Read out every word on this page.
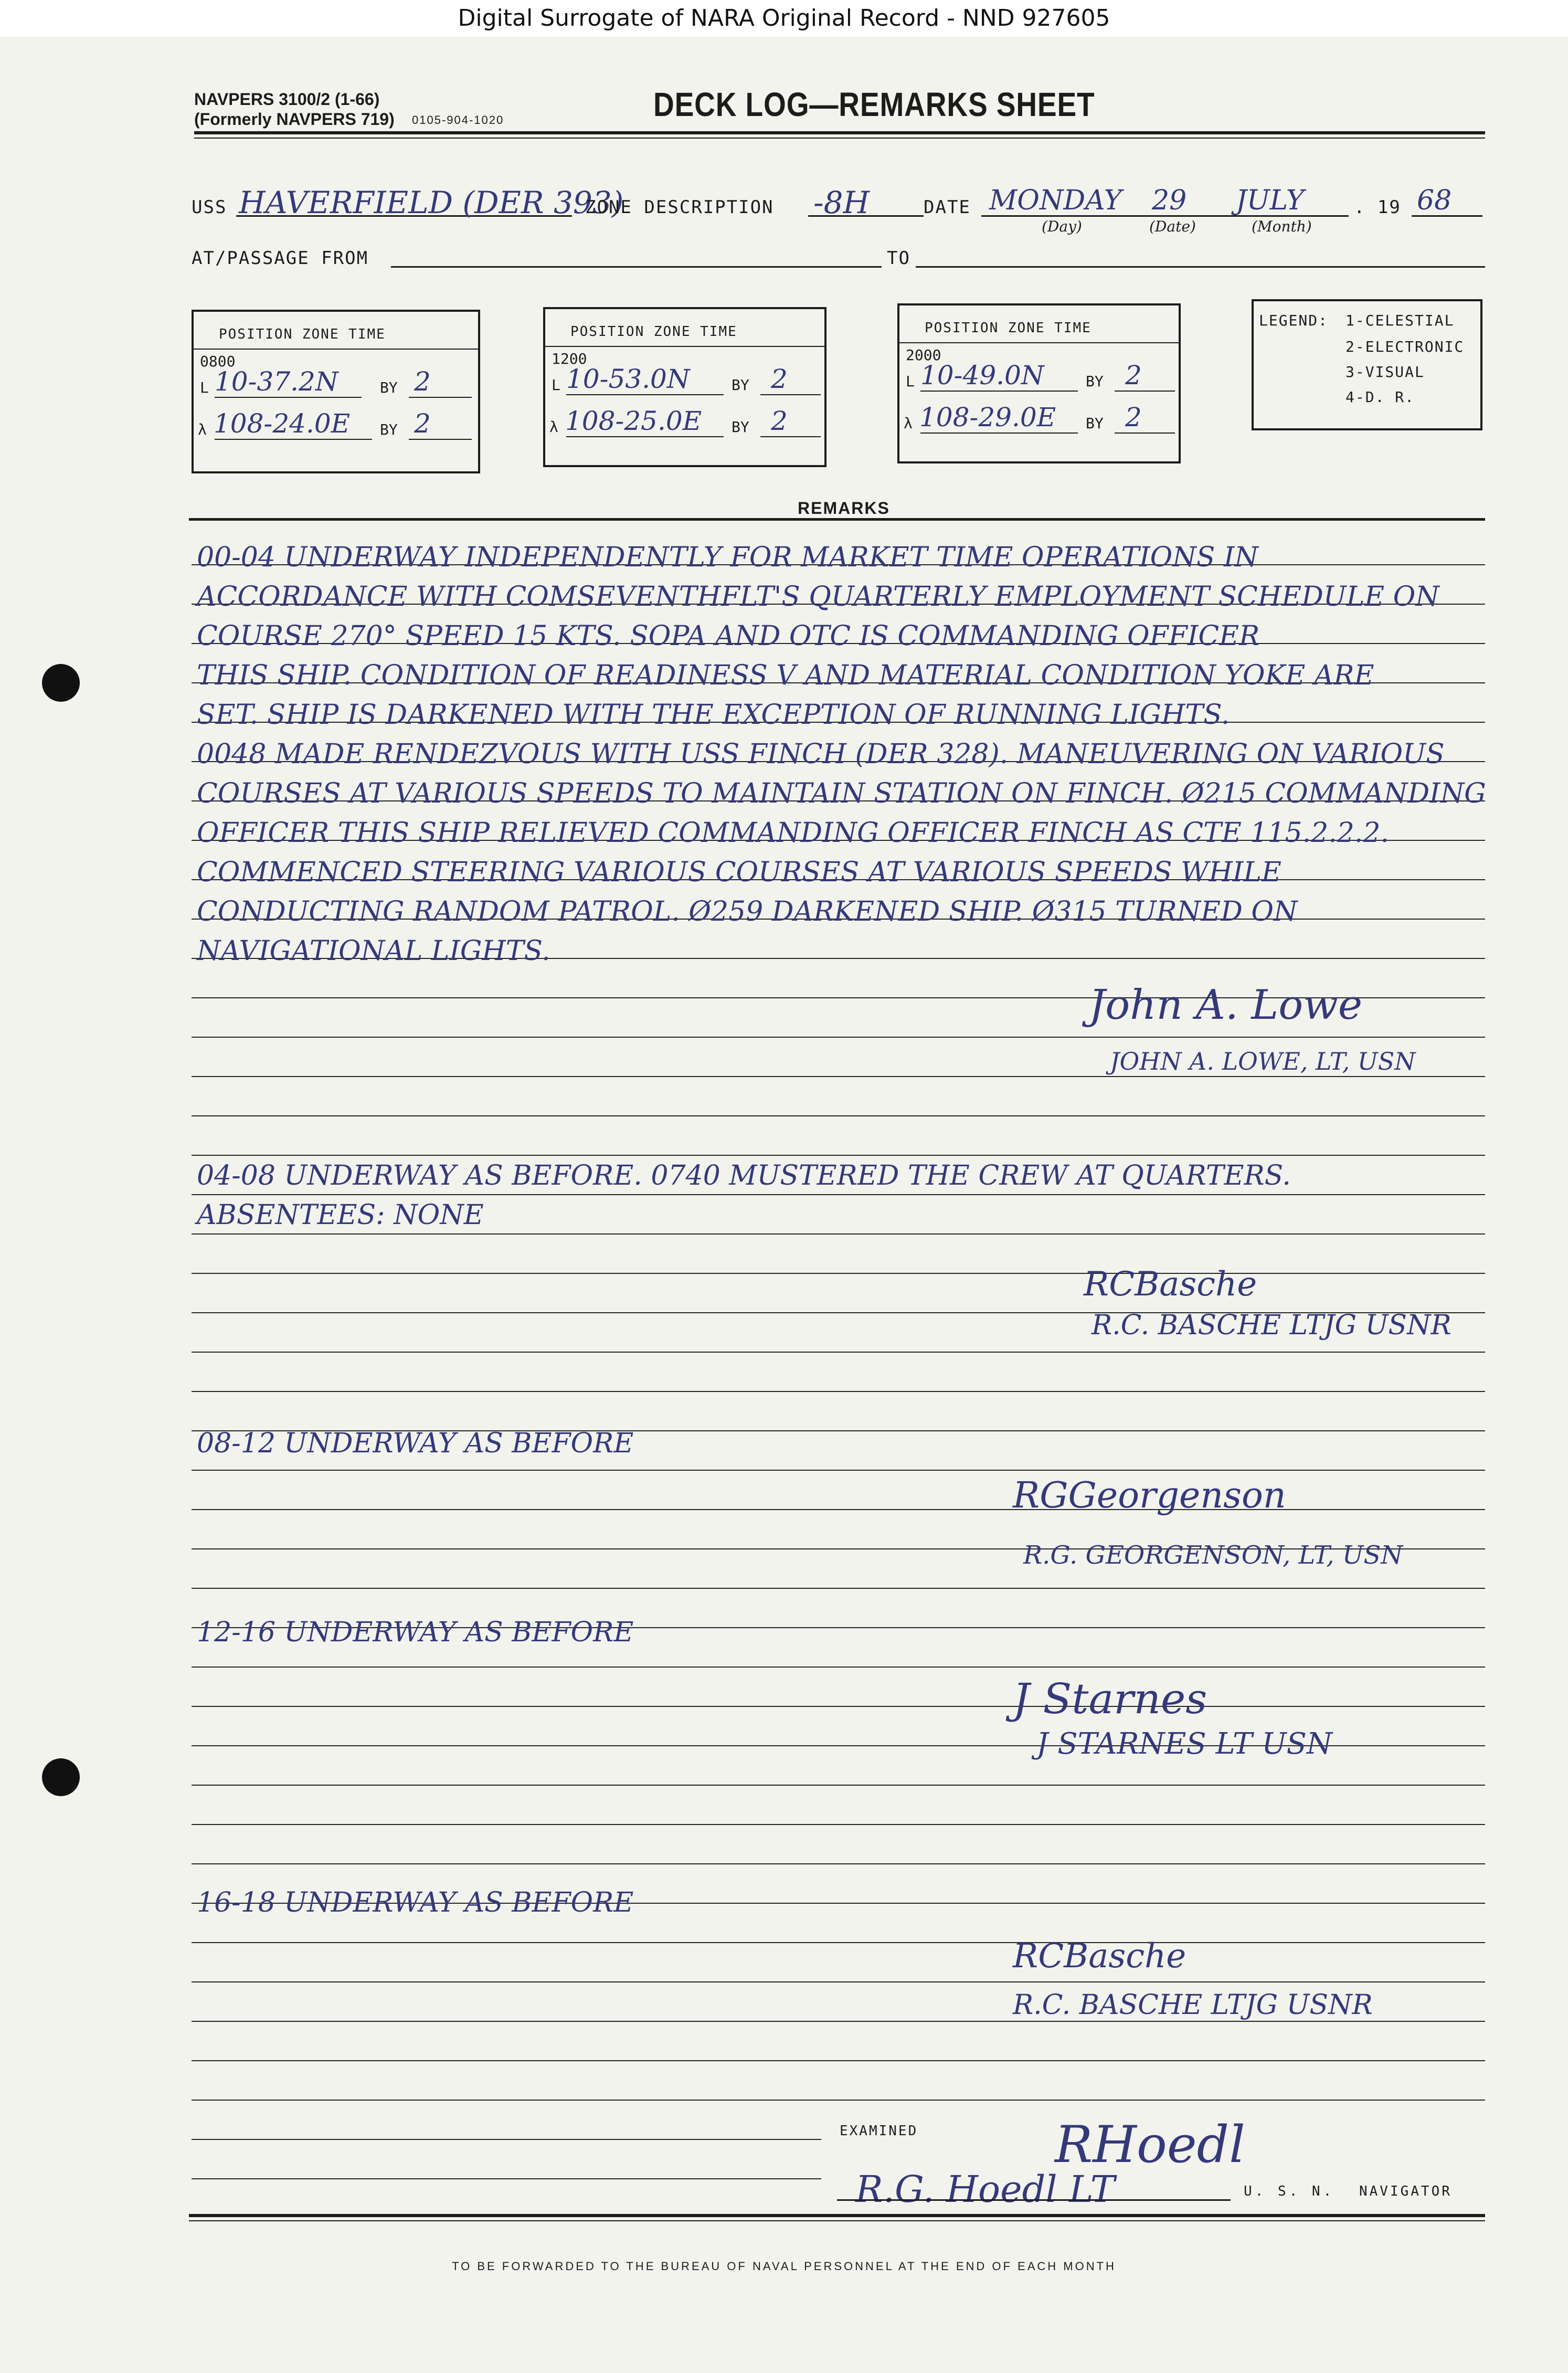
Digital Surrogate of NARA Original Record - NND 927605
NAVPERS 3100/2 (1-66)
(Formerly NAVPERS 719) 0105-904-1020	DECK LOG—REMARKS SHEET
USS HAVERFIELD (DER 393)
ZONE DESCRIPTION -8H	DATE MONDAY 29 JULY	. 19 68
(Day)	(Date)	(Month)
AT/PASSAGE FROM	TO
POSITION ZONE TIME
0800
L 10-37.2N	BY 2
λ 108-24.0E BY 2
POSITION ZONE TIME
1200
L 10-53.0N	BY 2
λ 108-25.0E BY 2
POSITION ZONE TIME
2000
L 10-49.0N	BY 2
λ 108-29.0E BY 2
LEGEND: 1-CELESTIAL
2-ELECTRONIC
3-VISUAL
4-D. R.
REMARKS
00-04 UNDERWAY INDEPENDENTLY FOR MARKET TIME OPERATIONS IN
ACCORDANCE WITH COMSEVENTHFLT'S QUARTERLY EMPLOYMENT SCHEDULE ON
COURSE 270° SPEED 15 KTS. SOPA AND OTC IS COMMANDING OFFICER
THIS SHIP. CONDITION OF READINESS V AND MATERIAL CONDITION YOKE ARE
SET. SHIP IS DARKENED WITH THE EXCEPTION OF RUNNING LIGHTS.
0048 MADE RENDEZVOUS WITH USS FINCH (DER 328). MANEUVERING ON VARIOUS
COURSES AT VARIOUS SPEEDS TO MAINTAIN STATION ON FINCH. Ø215 COMMANDING
OFFICER THIS SHIP RELIEVED COMMANDING OFFICER FINCH AS CTE 115.2.2.2.
COMMENCED STEERING VARIOUS COURSES AT VARIOUS SPEEDS WHILE
CONDUCTING RANDOM PATROL. Ø259 DARKENED SHIP. Ø315 TURNED ON
NAVIGATIONAL LIGHTS.
John A. Lowe
JOHN A. LOWE, LT, USN
04-08 UNDERWAY AS BEFORE. 0740 MUSTERED THE CREW AT QUARTERS.
ABSENTEES: NONE
RCBasche
R.C. BASCHE LTJG USNR
08-12 UNDERWAY AS BEFORE
RGGeorgenson
R.G. GEORGENSON, LT, USN
12-16 UNDERWAY AS BEFORE
J Starnes
J STARNES LT USN
16-18 UNDERWAY AS BEFORE
RCBasche
R.C. BASCHE LTJG USNR
EXAMINED	RHoedl
R.G. Hoedl LT	U. S. N. NAVIGATOR
TO BE FORWARDED TO THE BUREAU OF NAVAL PERSONNEL AT THE END OF EACH MONTH
